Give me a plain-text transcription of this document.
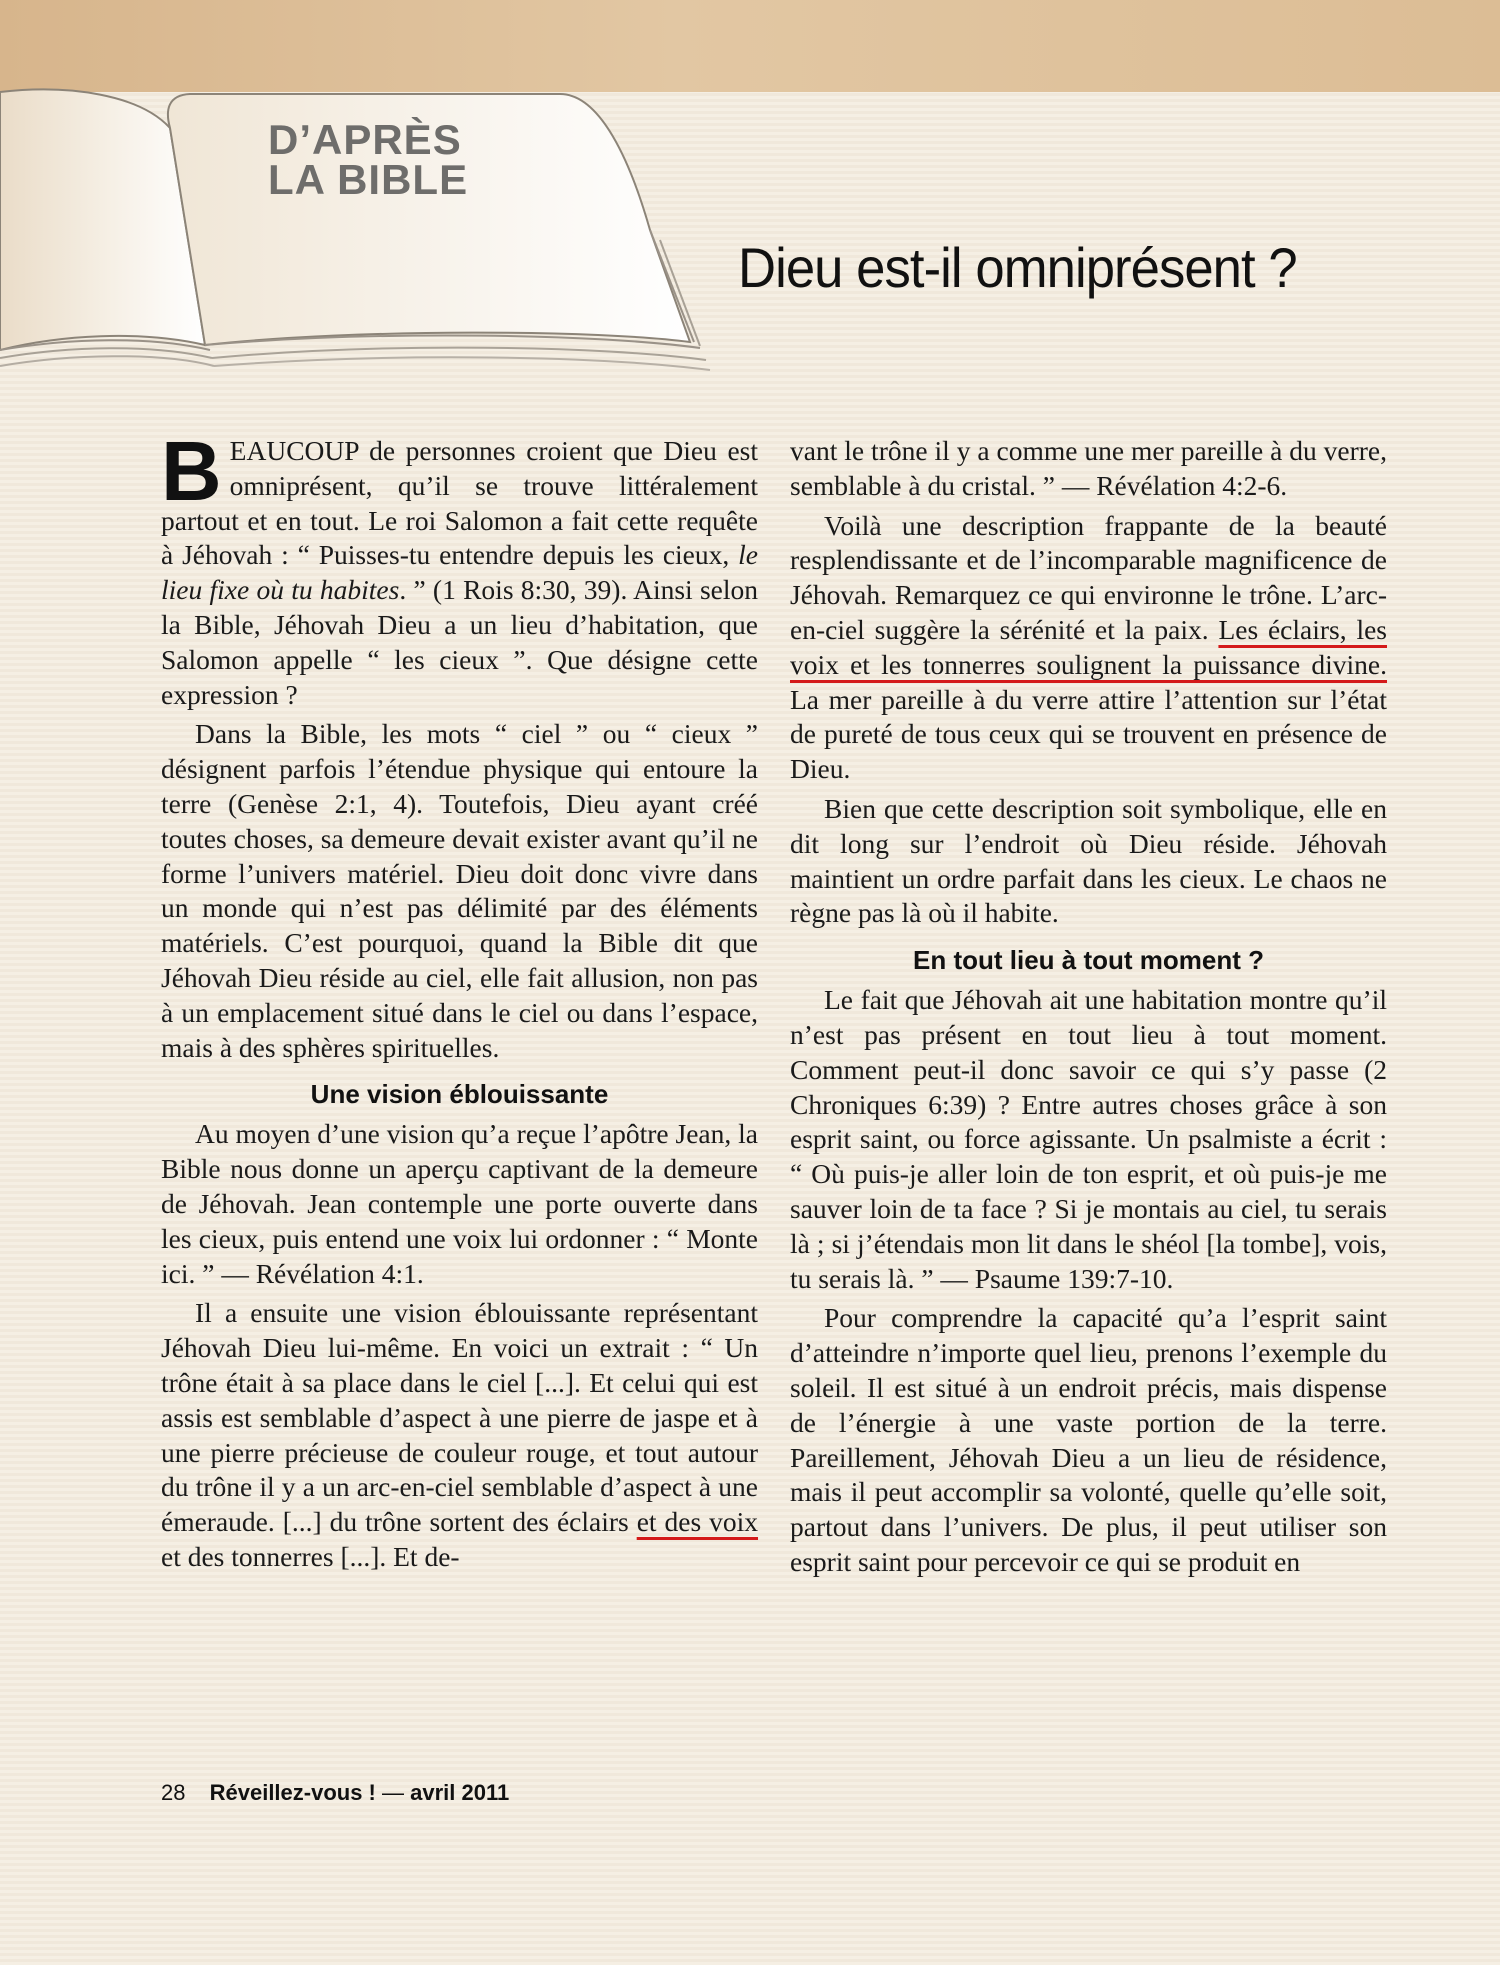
D’APRÈS
LA BIBLE
Dieu est-il omniprésent ?

BEAUCOUP de personnes croient que Dieu est omniprésent, qu’il se trouve littéralement partout et en tout. Le roi Salomon a fait cette requête à Jéhovah : “ Puisses-tu entendre depuis les cieux, le lieu fixe où tu habites. ” (1 Rois 8:30, 39). Ainsi selon la Bible, Jéhovah Dieu a un lieu d’habitation, que Salomon appelle “ les cieux ”. Que désigne cette expression ?

Dans la Bible, les mots “ ciel ” ou “ cieux ” désignent parfois l’étendue physique qui entoure la terre (Genèse 2:1, 4). Toutefois, Dieu ayant créé toutes choses, sa demeure devait exister avant qu’il ne forme l’univers matériel. Dieu doit donc vivre dans un monde qui n’est pas délimité par des éléments matériels. C’est pourquoi, quand la Bible dit que Jéhovah Dieu réside au ciel, elle fait allusion, non pas à un emplacement situé dans le ciel ou dans l’espace, mais à des sphères spirituelles.

Une vision éblouissante

Au moyen d’une vision qu’a reçue l’apôtre Jean, la Bible nous donne un aperçu captivant de la demeure de Jéhovah. Jean contemple une porte ouverte dans les cieux, puis entend une voix lui ordonner : “ Monte ici. ” — Révélation 4:1.

Il a ensuite une vision éblouissante représentant Jéhovah Dieu lui-même. En voici un extrait : “ Un trône était à sa place dans le ciel [...]. Et celui qui est assis est semblable d’aspect à une pierre de jaspe et à une pierre précieuse de couleur rouge, et tout autour du trône il y a un arc-en-ciel semblable d’aspect à une émeraude. [...] du trône sortent des éclairs et des voix et des tonnerres [...]. Et de-

vant le trône il y a comme une mer pareille à du verre, semblable à du cristal. ” — Révélation 4:2-6.

Voilà une description frappante de la beauté resplendissante et de l’incomparable magnificence de Jéhovah. Remarquez ce qui environne le trône. L’arc-en-ciel suggère la sérénité et la paix. Les éclairs, les voix et les tonnerres soulignent la puissance divine. La mer pareille à du verre attire l’attention sur l’état de pureté de tous ceux qui se trouvent en présence de Dieu.

Bien que cette description soit symbolique, elle en dit long sur l’endroit où Dieu réside. Jéhovah maintient un ordre parfait dans les cieux. Le chaos ne règne pas là où il habite.

En tout lieu à tout moment ?

Le fait que Jéhovah ait une habitation montre qu’il n’est pas présent en tout lieu à tout moment. Comment peut-il donc savoir ce qui s’y passe (2 Chroniques 6:39) ? Entre autres choses grâce à son esprit saint, ou force agissante. Un psalmiste a écrit : “ Où puis-je aller loin de ton esprit, et où puis-je me sauver loin de ta face ? Si je montais au ciel, tu serais là ; si j’étendais mon lit dans le shéol [la tombe], vois, tu serais là. ” — Psaume 139:7-10.

Pour comprendre la capacité qu’a l’esprit saint d’atteindre n’importe quel lieu, prenons l’exemple du soleil. Il est situé à un endroit précis, mais dispense de l’énergie à une vaste portion de la terre. Pareillement, Jéhovah Dieu a un lieu de résidence, mais il peut accomplir sa volonté, quelle qu’elle soit, partout dans l’univers. De plus, il peut utiliser son esprit saint pour percevoir ce qui se produit en

28 Réveillez-vous ! — avril 2011
